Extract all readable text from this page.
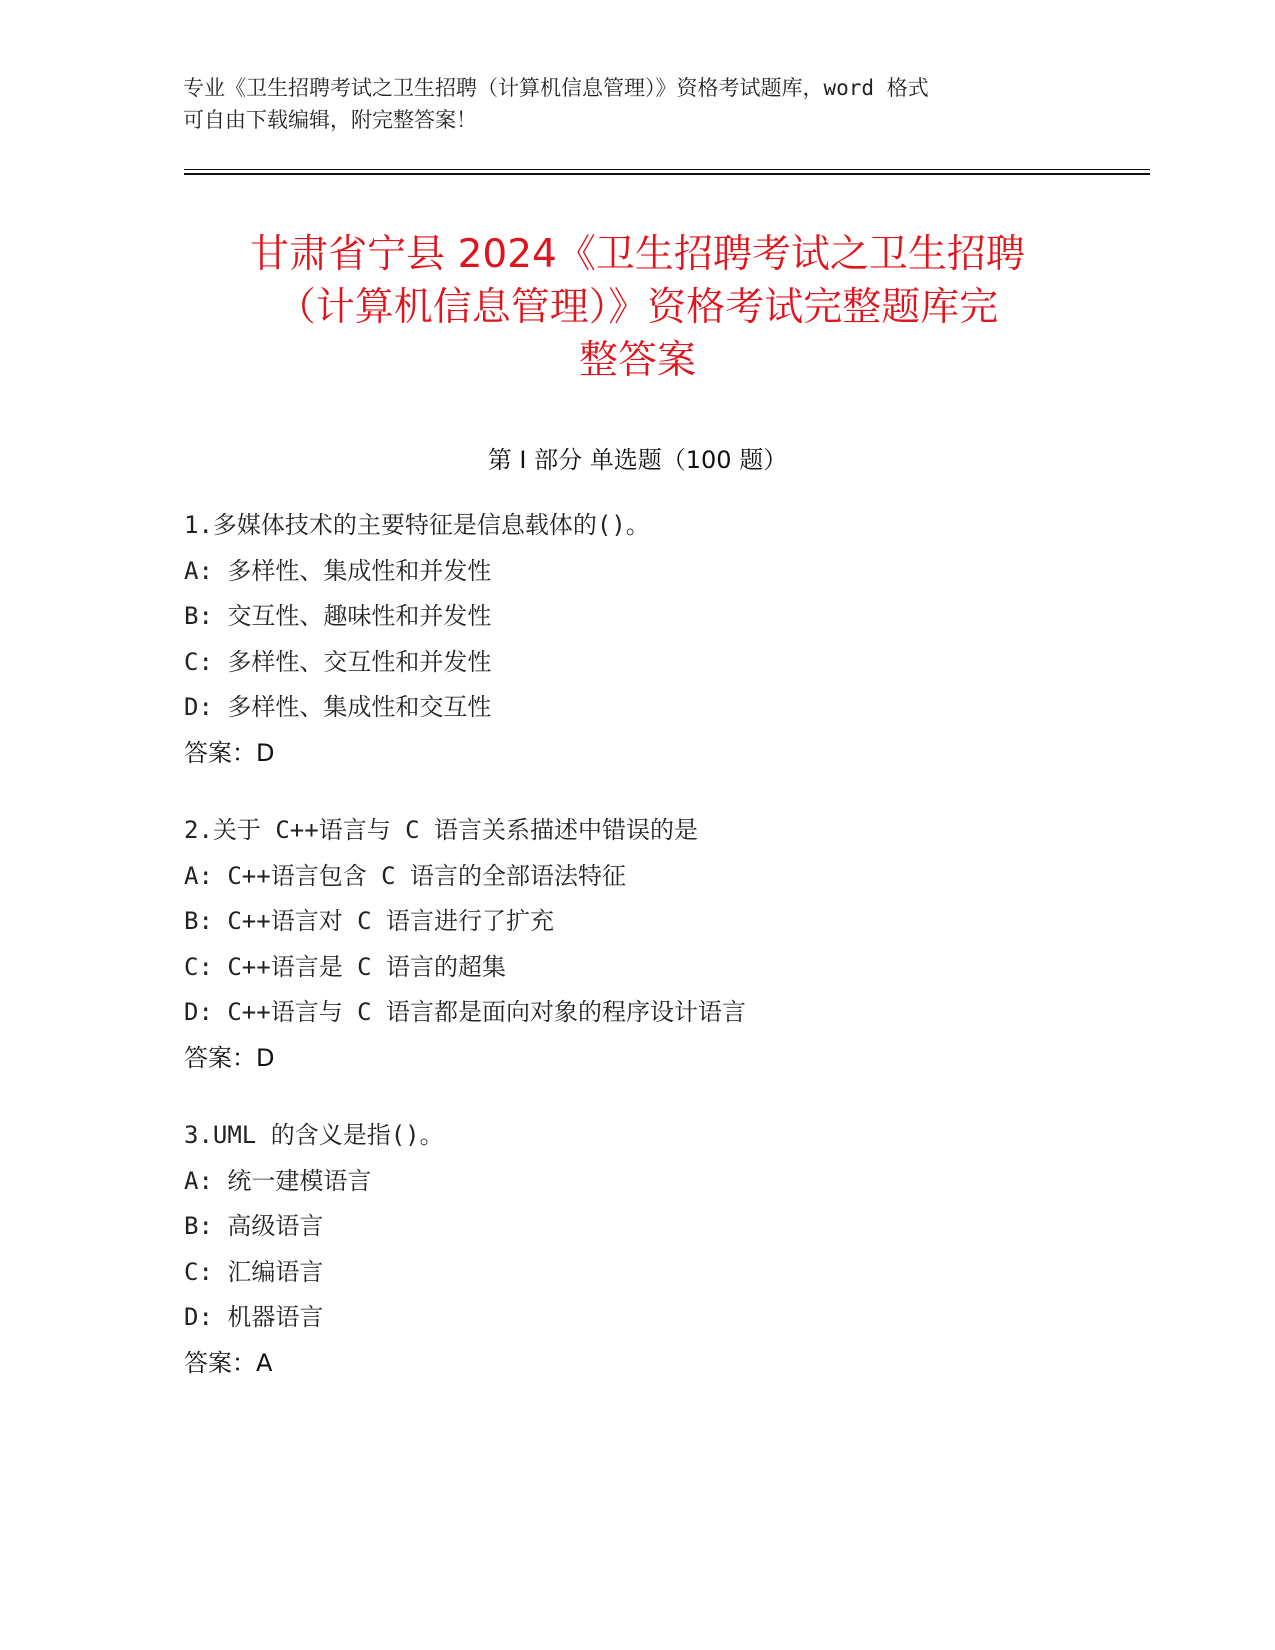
专业《卫生招聘考试之卫生招聘（计算机信息管理）》资格考试题库，word 格式
可自由下载编辑，附完整答案！
甘肃省宁县 2024《卫生招聘考试之卫生招聘
（计算机信息管理）》资格考试完整题库完
整答案
第 I 部分 单选题（100 题）
1.多媒体技术的主要特征是信息载体的()。
A: 多样性、集成性和并发性
B: 交互性、趣味性和并发性
C: 多样性、交互性和并发性
D: 多样性、集成性和交互性
答案：D
2.关于 C++语言与 C 语言关系描述中错误的是
A: C++语言包含 C 语言的全部语法特征
B: C++语言对 C 语言进行了扩充
C: C++语言是 C 语言的超集
D: C++语言与 C 语言都是面向对象的程序设计语言
答案：D
3.UML 的含义是指()。
A: 统一建模语言
B: 高级语言
C: 汇编语言
D: 机器语言
答案：A
